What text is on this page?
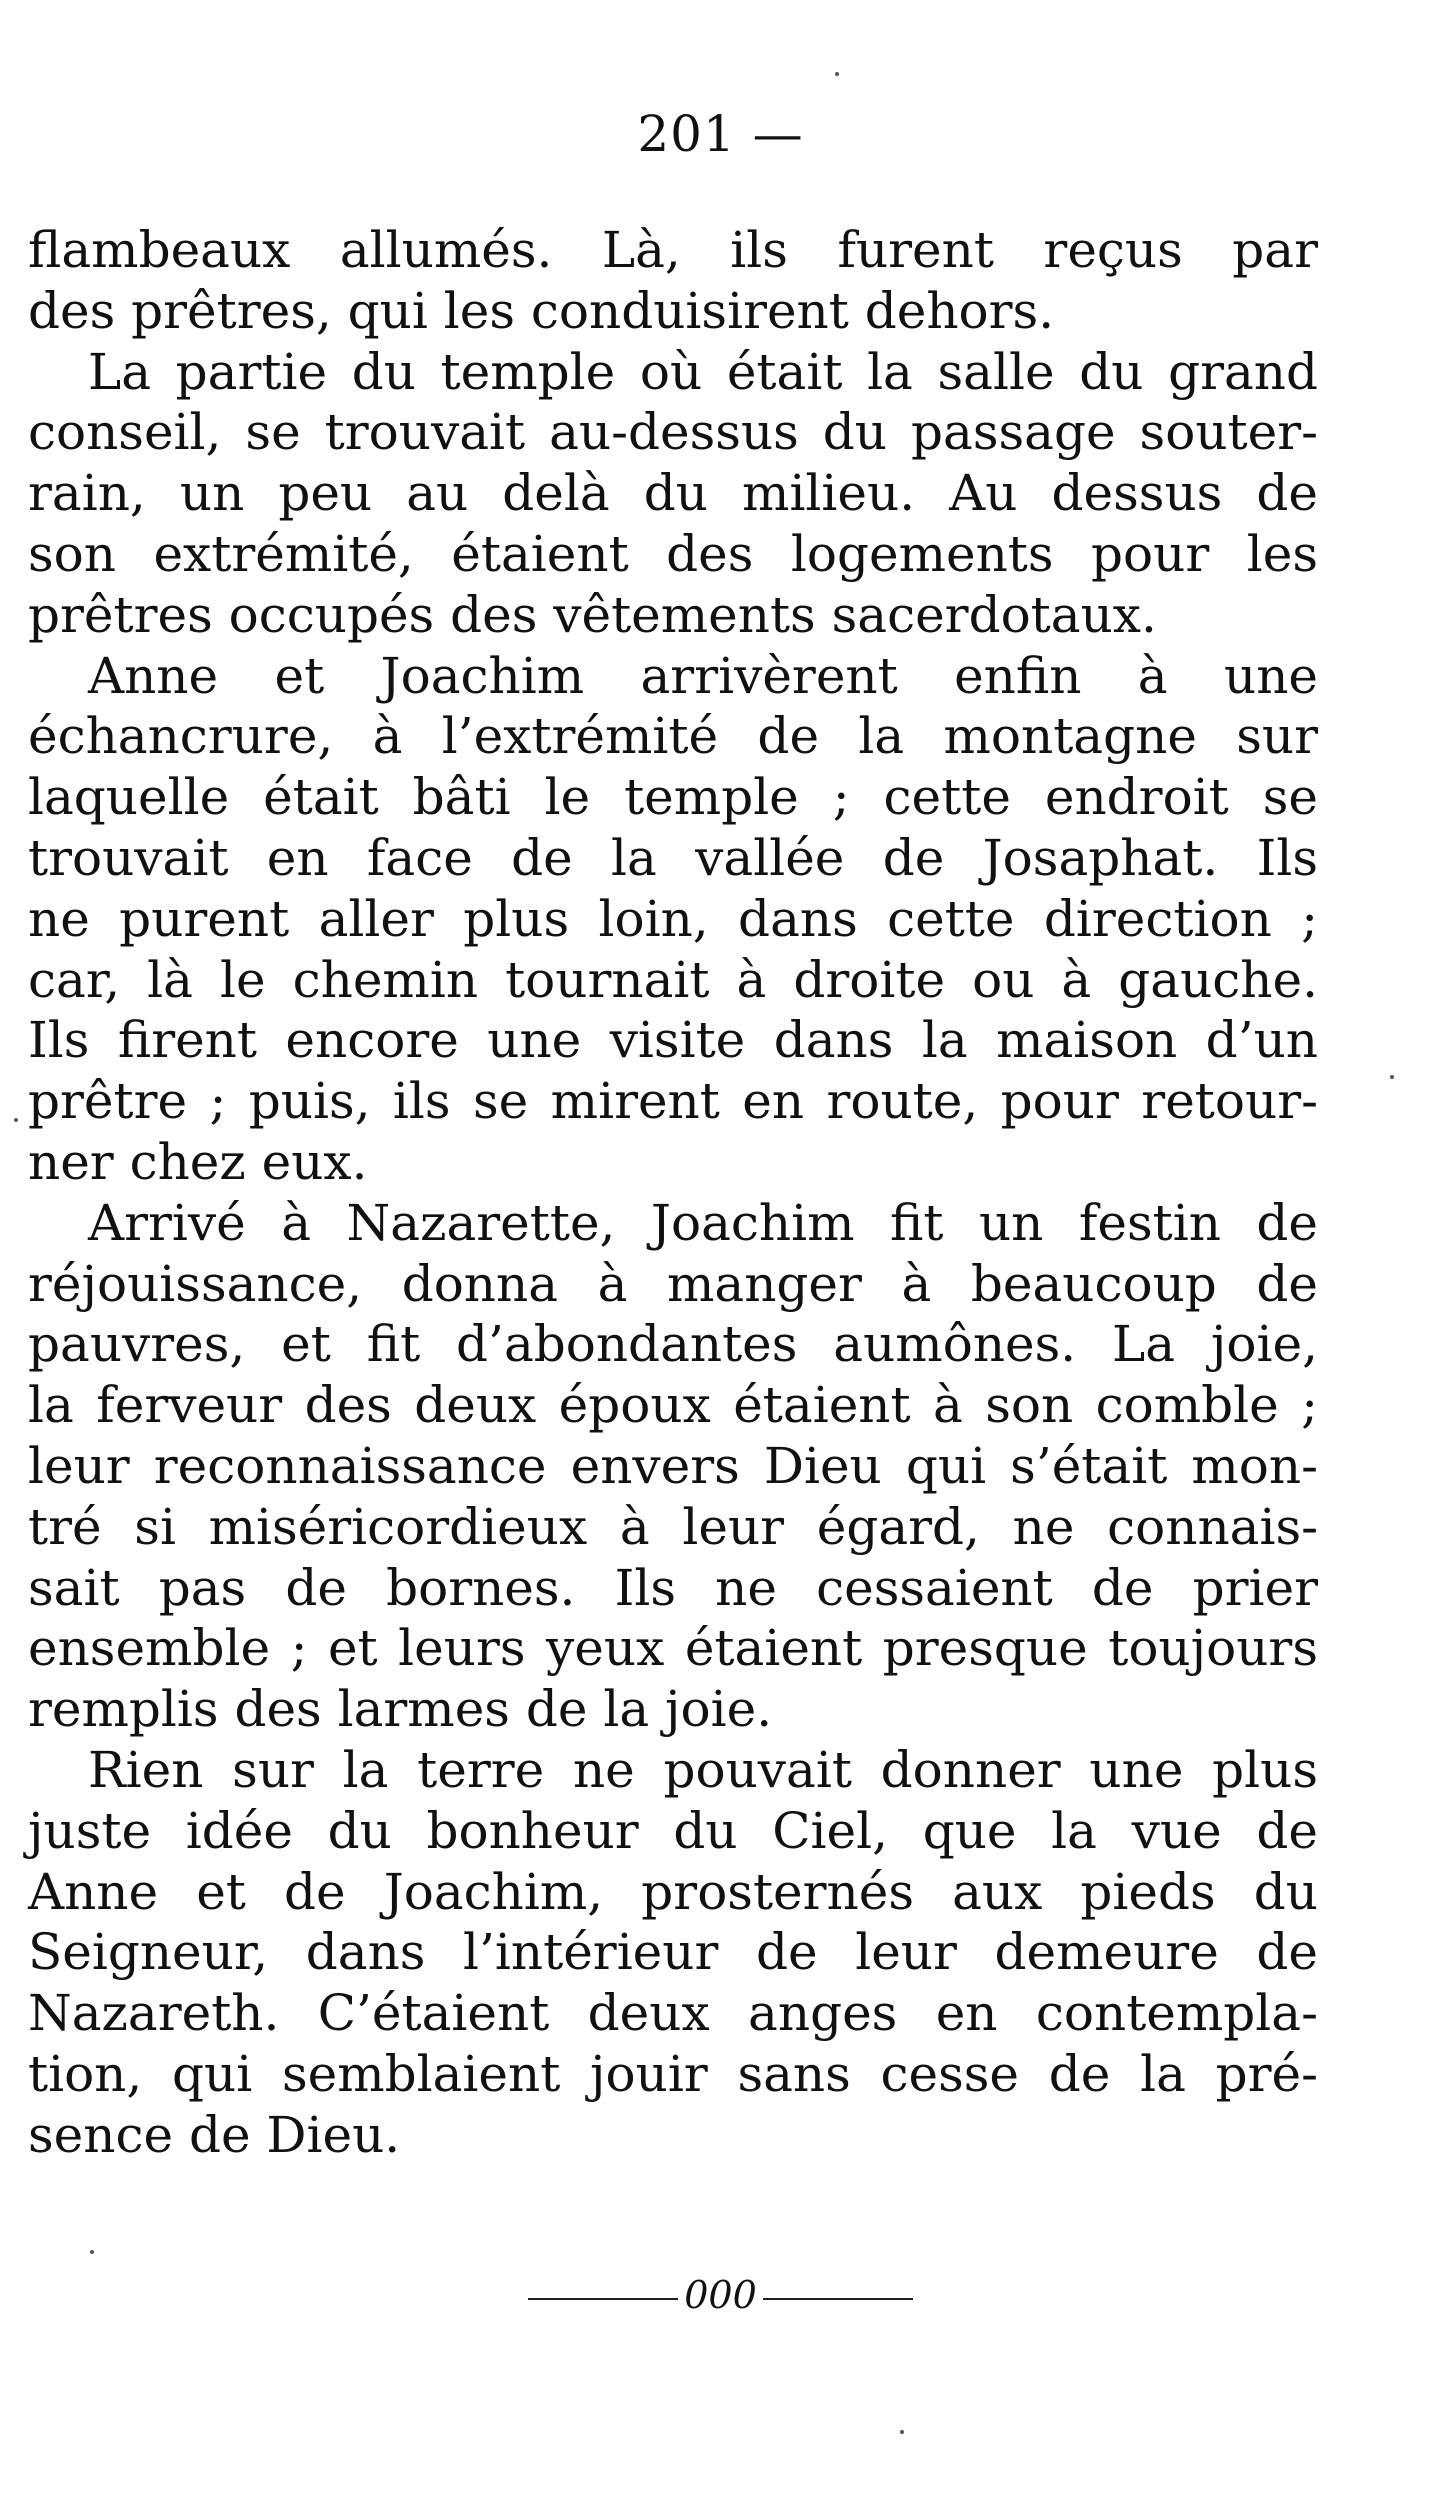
201 —
flambeaux allumés. Là, ils furent reçus par
des prêtres, qui les conduisirent dehors.
La partie du temple où était la salle du grand
conseil, se trouvait au-dessus du passage souter-
rain, un peu au delà du milieu. Au dessus de
son extrémité, étaient des logements pour les
prêtres occupés des vêtements sacerdotaux.
Anne et Joachim arrivèrent enfin à une
échancrure, à l’extrémité de la montagne sur
laquelle était bâti le temple ; cette endroit se
trouvait en face de la vallée de Josaphat. Ils
ne purent aller plus loin, dans cette direction ;
car, là le chemin tournait à droite ou à gauche.
Ils firent encore une visite dans la maison d’un
prêtre ; puis, ils se mirent en route, pour retour-
ner chez eux.
Arrivé à Nazarette, Joachim fit un festin de
réjouissance, donna à manger à beaucoup de
pauvres, et fit d’abondantes aumônes. La joie,
la ferveur des deux époux étaient à son comble ;
leur reconnaissance envers Dieu qui s’était mon-
tré si miséricordieux à leur égard, ne connais-
sait pas de bornes. Ils ne cessaient de prier
ensemble ; et leurs yeux étaient presque toujours
remplis des larmes de la joie.
Rien sur la terre ne pouvait donner une plus
juste idée du bonheur du Ciel, que la vue de
Anne et de Joachim, prosternés aux pieds du
Seigneur, dans l’intérieur de leur demeure de
Nazareth. C’étaient deux anges en contempla-
tion, qui semblaient jouir sans cesse de la pré-
sence de Dieu.
000
